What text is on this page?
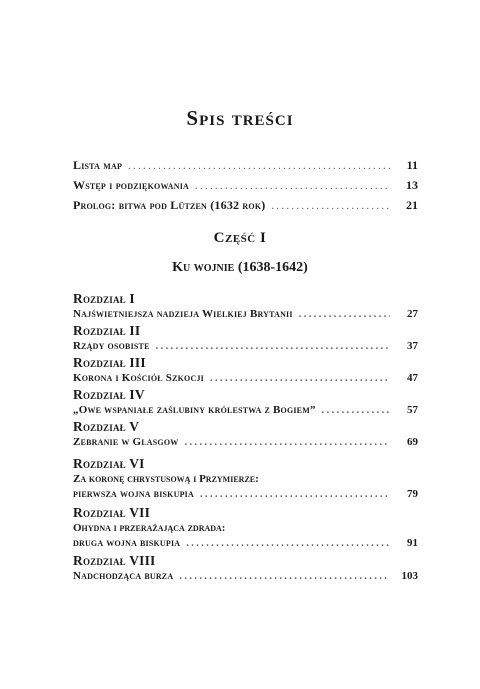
Spis treści
Lista map . . .	11
Wstęp i podziękowania . . .	13
Prolog: bitwa pod Lützen (1632 rok) . . .	21
Część I
Ku wojnie (1638-1642)
Rozdział I
Najświetniejsza nadzieja Wielkiej Brytanii . . .	27
Rozdział II
Rządy osobiste . . .	37
Rozdział III
Korona i Kościół Szkocji . . .	47
Rozdział IV
„Owe wspaniałe zaślubiny królestwa z Bogiem” . . .	57
Rozdział V
Zebranie w Glasgow . . .	69
Rozdział VI
Za koronę chrystusową i Przymierze:
pierwsza wojna biskupia . . .	79
Rozdział VII
Ohydna i przerażająca zdrada:
druga wojna biskupia . . .	91
Rozdział VIII
Nadchodząca burza . . .	103
